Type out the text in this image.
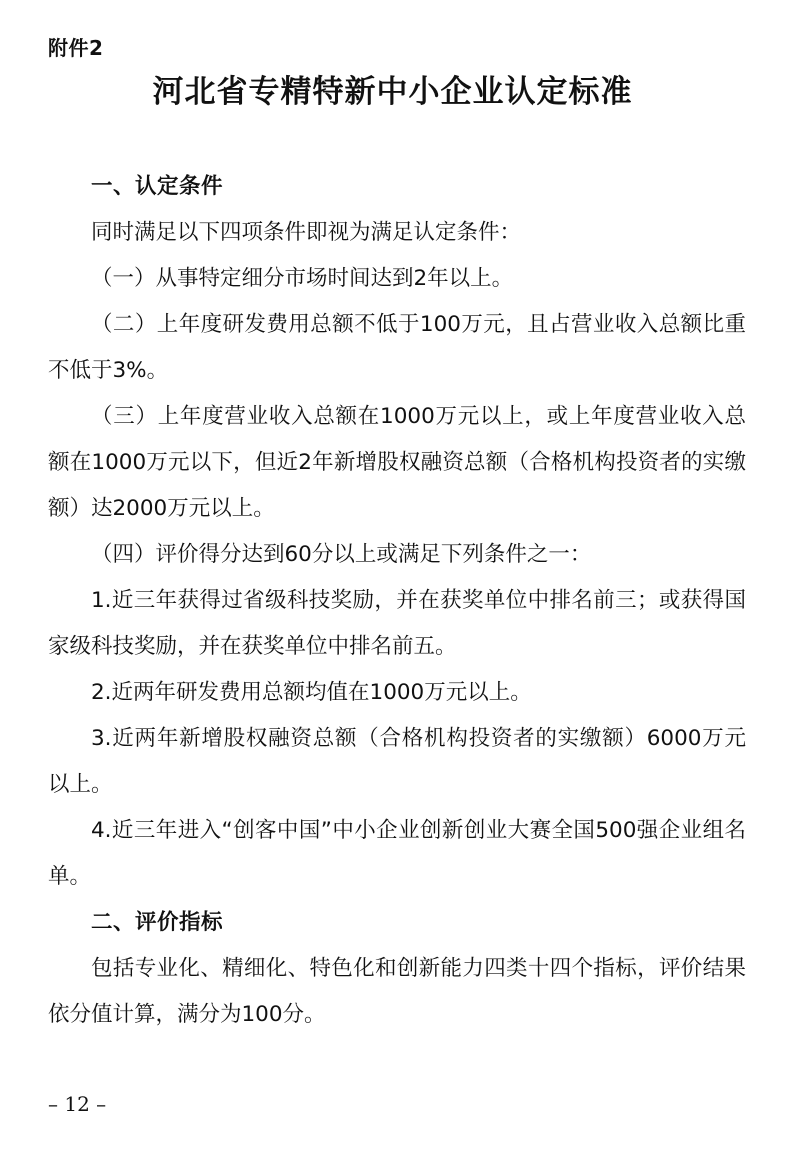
附件2
河北省专精特新中小企业认定标准

一、认定条件

同时满足以下四项条件即视为满足认定条件：

（一）从事特定细分市场时间达到2年以上。

（二）上年度研发费用总额不低于100万元，且占营业收入总额比重不低于3%。

（三）上年度营业收入总额在1000万元以上，或上年度营业收入总额在1000万元以下，但近2年新增股权融资总额（合格机构投资者的实缴额）达2000万元以上。

（四）评价得分达到60分以上或满足下列条件之一：

1.近三年获得过省级科技奖励，并在获奖单位中排名前三；或获得国家级科技奖励，并在获奖单位中排名前五。

2.近两年研发费用总额均值在1000万元以上。

3.近两年新增股权融资总额（合格机构投资者的实缴额）6000万元以上。

4.近三年进入“创客中国”中小企业创新创业大赛全国500强企业组名单。

二、评价指标

包括专业化、精细化、特色化和创新能力四类十四个指标，评价结果依分值计算，满分为100分。

– 12 –
